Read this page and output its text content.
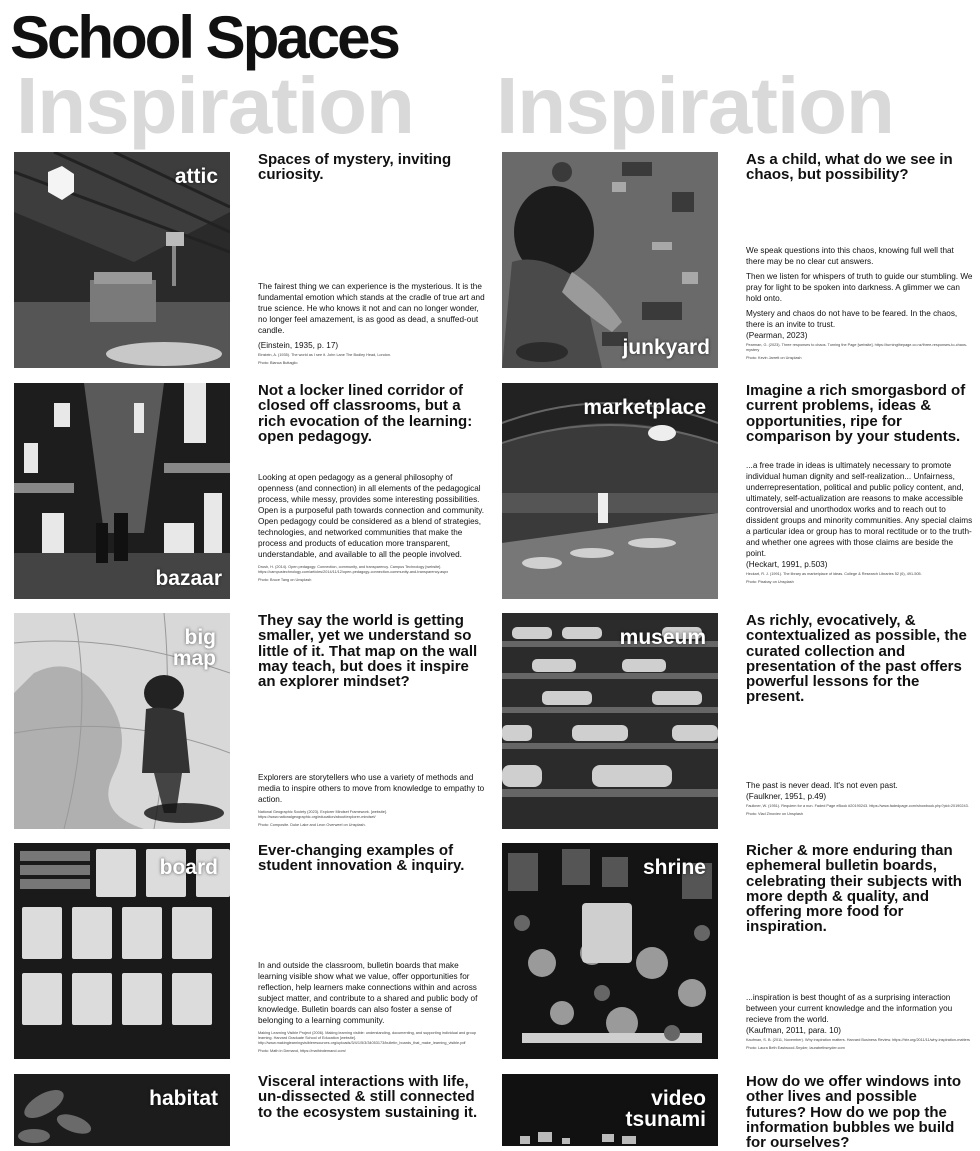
School Spaces
Inspiration Inspiration
attic
Spaces of mystery, inviting curiosity.

The fairest thing we can experience is the mysterious. It is the fundamental emotion which stands at the cradle of true art and true science. He who knows it not and can no longer wonder, no longer feel amazement, is as good as dead, a snuffed-out candle.

(Einstein, 1935, p. 17)

Einstein, A. (1935). The world as I see it. John Lane The Bodley Head, London.

Photo: Bianca Buttaglio

junkyard
As a child, what do we see in chaos, but possibility?

We speak questions into this chaos, knowing full well that there may be no clear cut answers.

Then we listen for whispers of truth to guide our stumbling. We pray for light to be spoken into darkness. A glimmer we can hold onto.

Mystery and chaos do not have to be feared. In the chaos, there is an invite to trust.

(Pearman, 2023)

Pearman, G. (2023). Three responses to chaos. Turning the Page [website]. https://turningthepage.co.nz/three-responses-to-chaos-mystery

Photo: Kevin Jarrett on Unsplash

bazaar
Not a locker lined corridor of closed off classrooms, but a rich evocation of the learning: open pedagogy.

Looking at open pedagogy as a general philosophy of openness (and connection) in all elements of the pedagogical process, while messy, provides some interesting possibilities. Open is a purposeful path towards connection and community. Open pedagogy could be considered as a blend of strategies, technologies, and networked communities that make the process and products of education more transparent, understandable, and available to all the people involved.

Drush, H. (2014). Open pedagogy: Connection, community, and transparency. Campus Technology [website]. https://campustechnology.com/articles/2014/11/12/open-pedagogy-connection-community-and-transparency.aspx

Photo: Bruce Tang on Unsplash

marketplace
Imagine a rich smorgasbord of current problems, ideas & opportunities, ripe for comparison by your students.

...a free trade in ideas is ultimately necessary to promote individual human dignity and self-realization... Unfairness, underrepresentation, political and public policy content, and, ultimately, self-actualization are reasons to make accessible controversial and unorthodox works and to reach out to dissident groups and minority communities. Any special claims a particular idea or group has to moral rectitude or to the truth-and whether one agrees with those claims are beside the point.

(Heckart, 1991, p.503)

Heckart, R. J. (1991). The library as marketplace of ideas. College & Research Libraries 52 (6), 491-505.

Photo: Pixabay on Unsplash

big
map
They say the world is getting smaller, yet we understand so little of it. That map on the wall may teach, but does it inspire an explorer mindset?

Explorers are storytellers who use a variety of methods and media to inspire others to move from knowledge to empathy to action.

National Geographic Society (2023). Explorer Mindset Framework. [website]. https://www.nationalgeographic.org/education/about/explorer-mindset/

Photo: Composite. Duke Lake and Leon Overweel on Unsplash.

museum
As richly, evocatively, & contextualized as possible, the curated collection and presentation of the past offers powerful lessons for the present.

The past is never dead. It's not even past.

(Faulkner, 1951, p.49)

Faulkner, W. (1951). Requiem for a nun. Faded Page eBook #20190243. https://www.fadedpage.com/showbook.php?pid=20190243.

Photo: Vlad Zinoviev on Unsplash

board
Ever-changing examples of student innovation & inquiry.

In and outside the classroom, bulletin boards that make learning visible show what we value, offer opportunities for reflection, help learners make connections within and across subject matter, and contribute to a shared and public body of knowledge. Bulletin boards can also foster a sense of belonging to a learning community.

Making Learning Visible Project (2006). Making learning visible: understanding, documenting, and supporting individual and group learning. Harvard Graduate School of Education [website]. http://www.makinglearningvisibleresources.org/uploads/3/4/1/5/3/34053173/bulletin_boards_that_make_learning_visible.pdf

Photo: Math in Demand, https://mathindemand.com/

shrine
Richer & more enduring than ephemeral bulletin boards, celebrating their subjects with more depth & quality, and offering more food for inspiration.

...inspiration is best thought of as a surprising interaction between your current knowledge and the information you recieve from the world.

(Kaufman, 2011, para. 10)

Kaufman, S. B. (2011, November). Why inspiration matters. Harvard Business Review. https://hbr.org/2011/11/why-inspiration-matters

Photo: Laura Beth Eastwood-Snyder, laurabethsnyder.com

habitat
Visceral interactions with life, un-dissected & still connected to the ecosystem sustaining it.
video
tsunami
How do we offer windows into other lives and possible futures? How do we pop the information bubbles we build for ourselves?
